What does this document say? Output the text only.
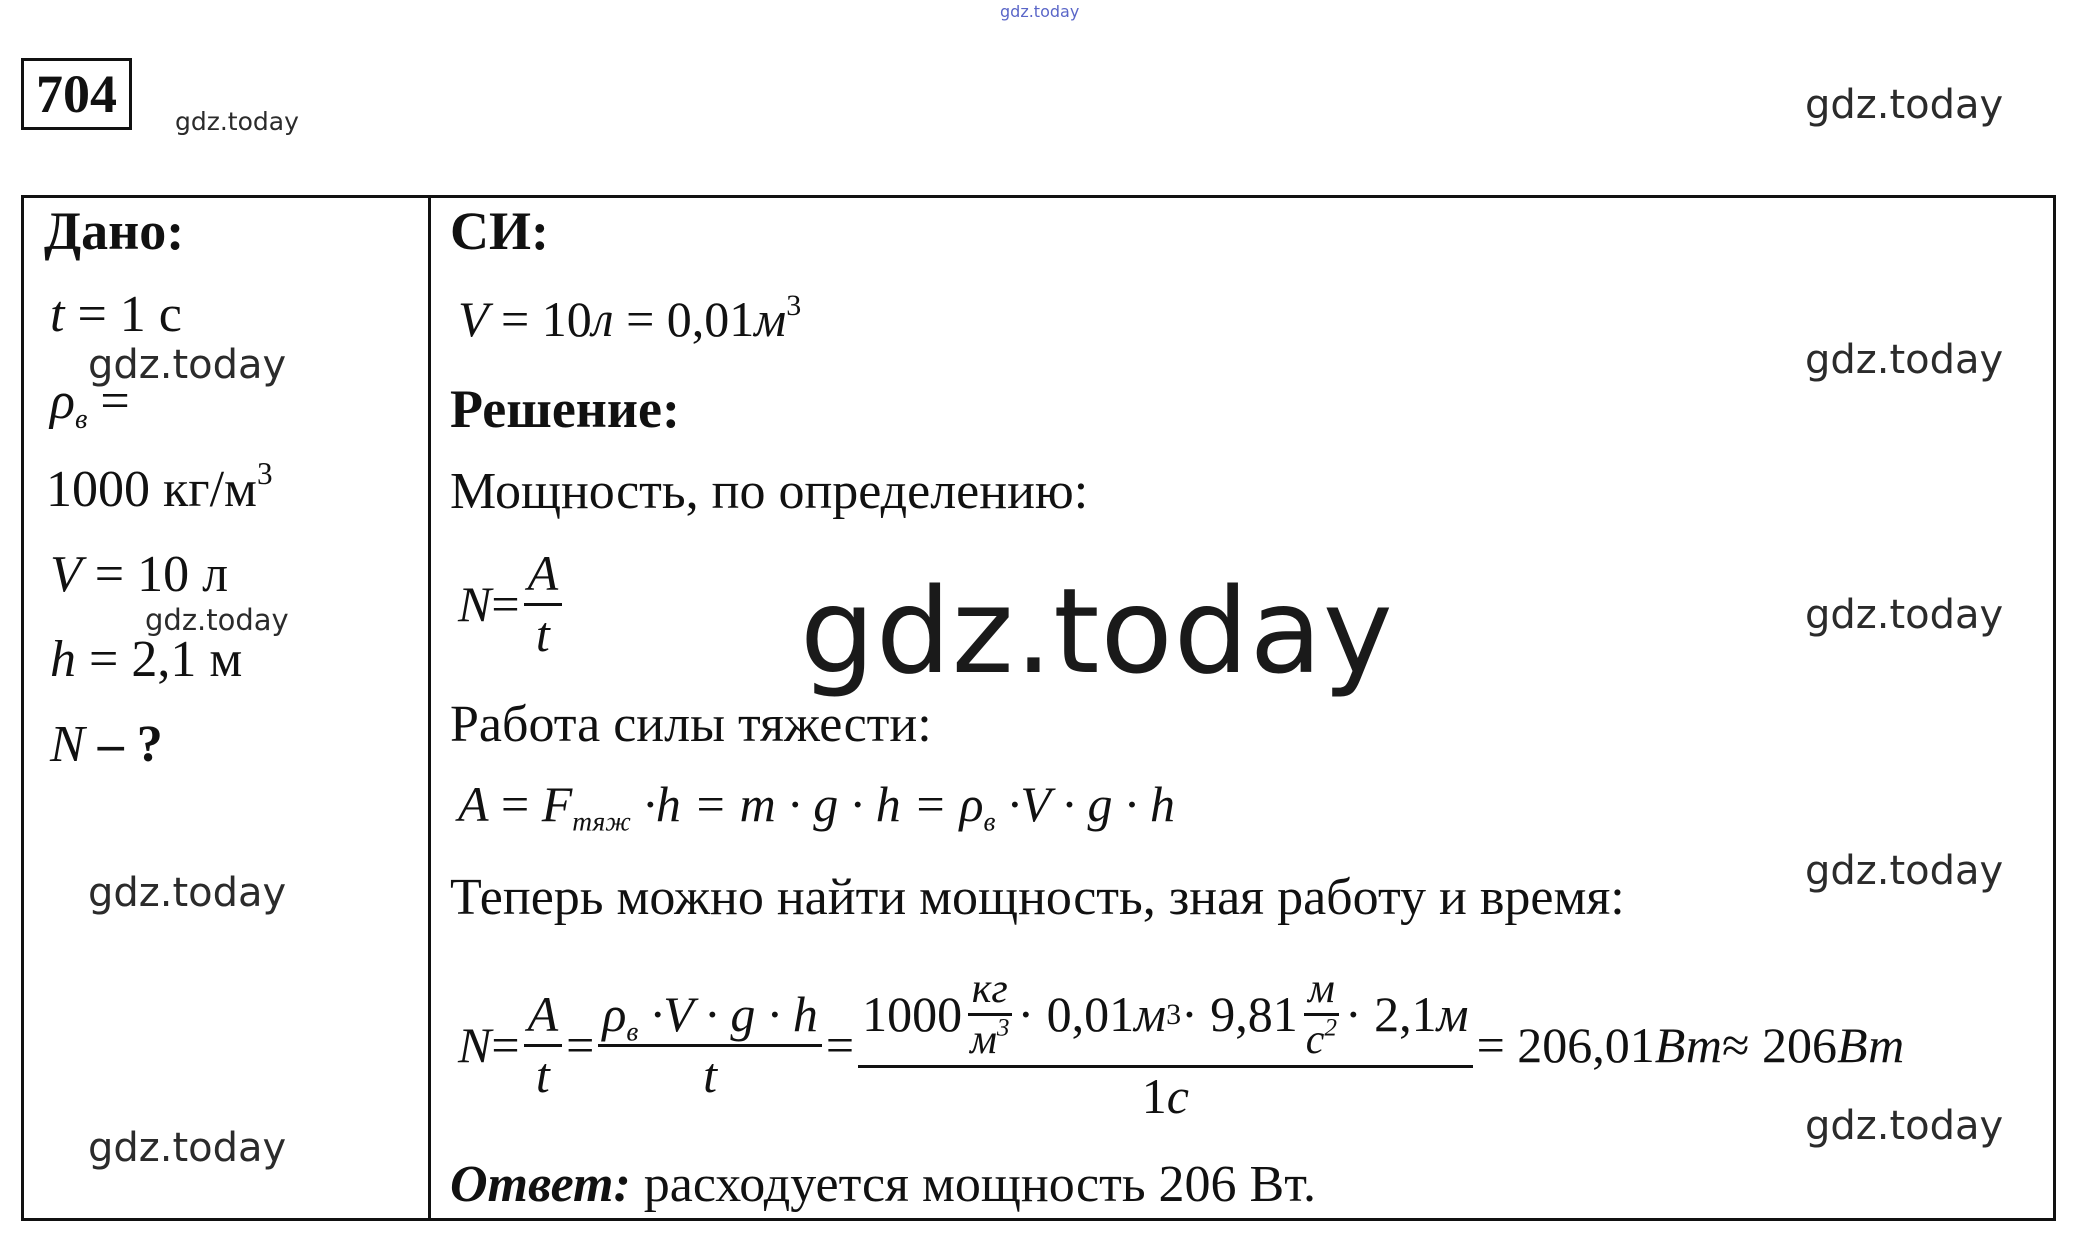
gdz.today
704	gdz.today	gdz.today
Дано:
t = 1 с
$\rho_в$ =
1000 $кг/м^3$
V = 10 л
h = 2,1 м
N – ?
gdz.today
gdz.today
gdz.today
gdz.today
СИ:
$V = 10л = 0,01м^3$
Решение:
Мощность, по определению:
$N = \frac{A}{t}$
Работа силы тяжести:
$A = F_{тяж} \cdot h = m \cdot g \cdot h = \rho_в \cdot V \cdot g \cdot h$
Теперь можно найти мощность, зная работу и время:
$N = \frac{A}{t} = \frac{\rho_в \cdot V \cdot g \cdot h}{t}$ =
$1000 \frac{кг}{м^3} \cdot 0,01$ м $3 \cdot 9,81 \frac{м}{с^2} \cdot 2,1$ м
1с
= 206,01 Вт ≈ 206 Вт
Ответ: расходуется мощность 206 Вт.
gdz.today
gdz.today	gdz.today
gdz.today
gdz.today
